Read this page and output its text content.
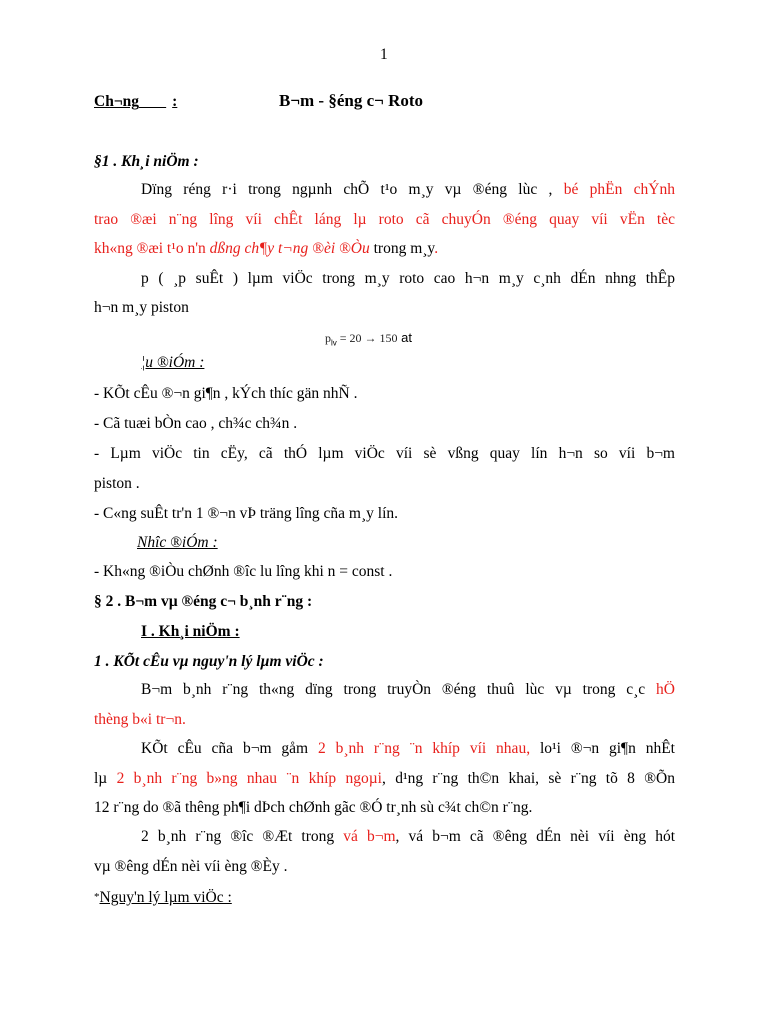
1
Ch¬ng :	B¬m - §éng c¬ Roto
§1 . Kh¸i niÖm :
Dïng réng r·i trong ngµnh chÕ t¹o m¸y vµ ®éng lùc , bé phËn chÝnh
trao ®æi n¨ng lîng víi chÊt láng lµ roto cã chuyÓn ®éng quay víi vËn tèc
kh«ng ®æi t¹o n'n dßng ch¶y t¬ng ®èi ®Òu trong m¸y.
p ( ¸p suÊt ) lµm viÖc trong m¸y roto cao h¬n m¸y c¸nh dÉn nhng thÊp
h¬n m¸y piston
$p_{lv} = 20 \to 150$ at
¦u ®iÓm :
- KÕt cÊu ®¬n gi¶n , kÝch thíc gän nhÑ .
- Cã tuæi bÒn cao , ch¾c ch¾n .
- Lµm viÖc tin cËy, cã thÓ lµm viÖc víi sè vßng quay lín h¬n so víi b¬m
piston .
- C«ng suÊt tr'n 1 ®¬n vÞ träng lîng cña m¸y lín.
Nhîc ®iÓm :
- Kh«ng ®iÒu chØnh ®îc lu lîng khi n = const .
§ 2 . B¬m vµ ®éng c¬ b¸nh r¨ng :
I . Kh¸i niÖm :
1 . KÕt cÊu vµ nguy'n lý lµm viÖc :
B¬m b¸nh r¨ng th«ng dïng trong truyÒn ®éng thuû lùc vµ trong c¸c hÖ
thèng b«i tr¬n.
KÕt cÊu cña b¬m gåm 2 b¸nh r¨ng ¨n khíp víi nhau, lo¹i ®¬n gi¶n nhÊt
lµ 2 b¸nh r¨ng b»ng nhau ¨n khíp ngoµi, d¹ng r¨ng th©n khai, sè r¨ng tõ 8 ®Õn
12 r¨ng do ®ã thêng ph¶i dÞch chØnh gãc ®Ó tr¸nh sù c¾t ch©n r¨ng.
2 b¸nh r¨ng ®îc ®Æt trong vá b¬m, vá b¬m cã ®êng dÉn nèi víi èng hót
vµ ®êng dÉn nèi víi èng ®Èy .
*Nguy'n lý lµm viÖc :
